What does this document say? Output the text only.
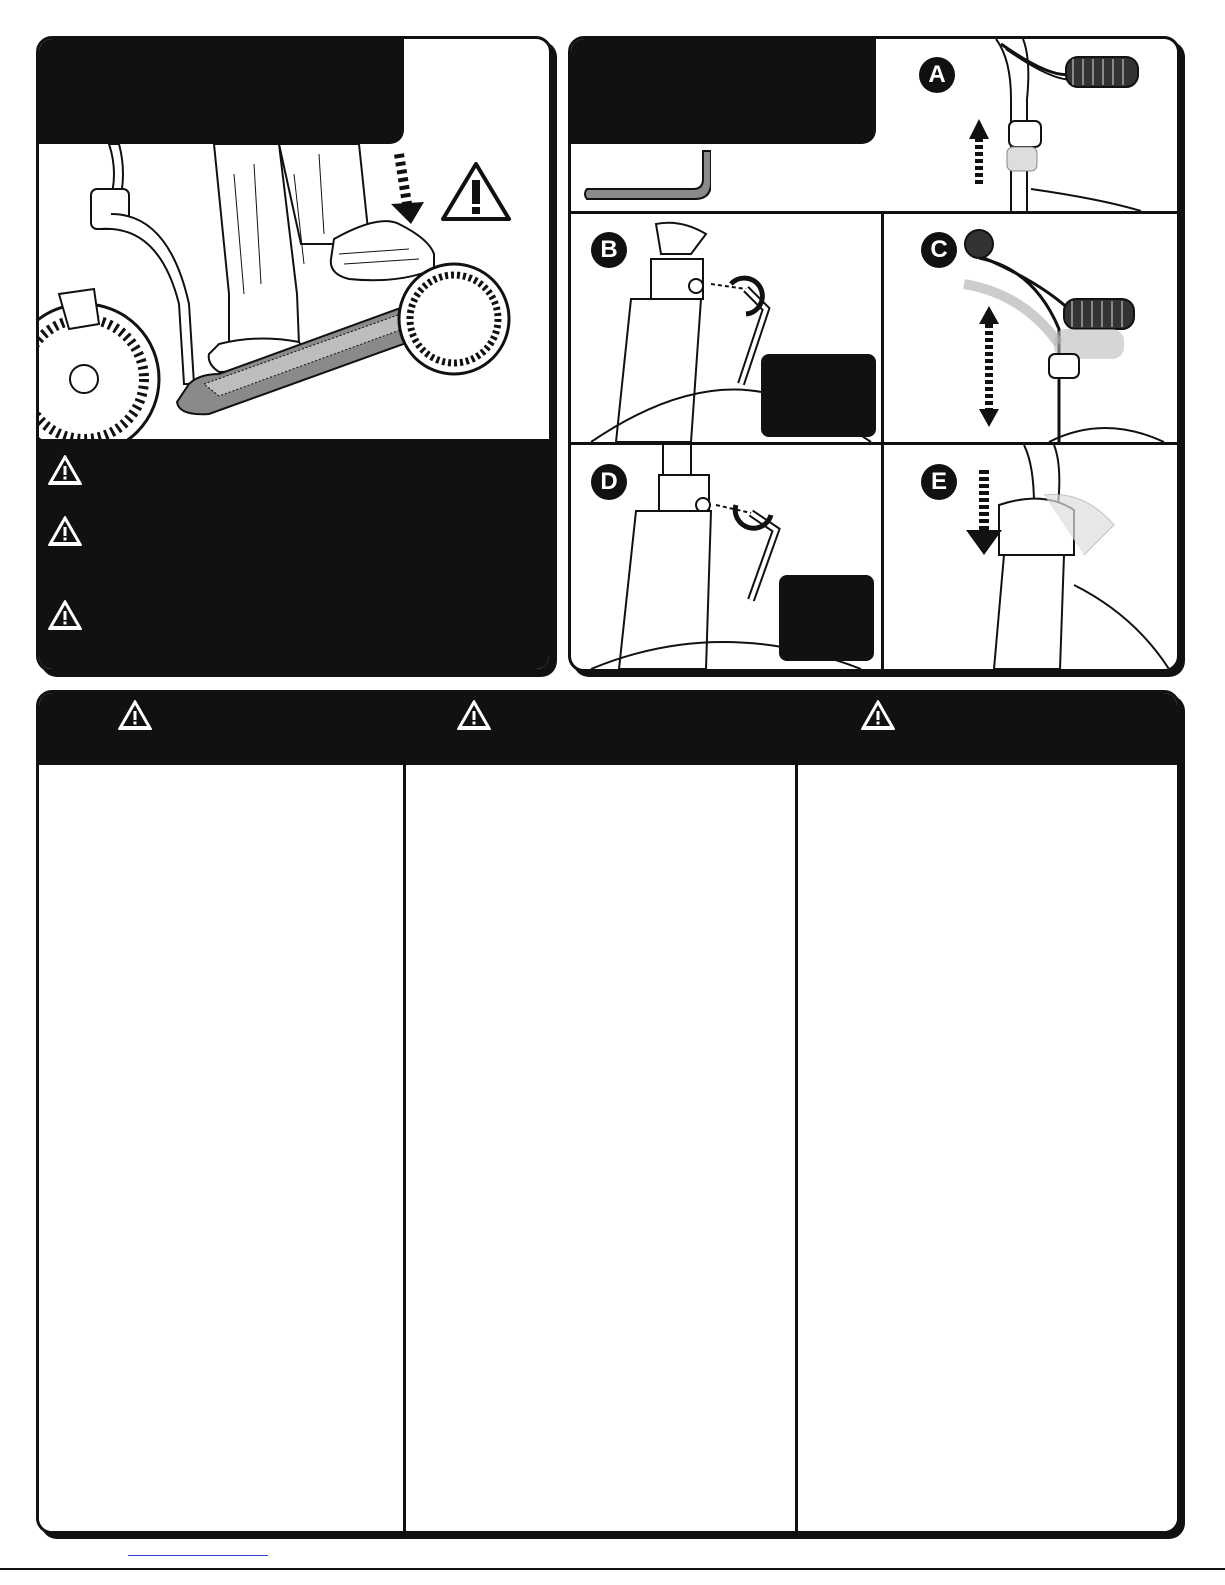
A
B	C
D	E
